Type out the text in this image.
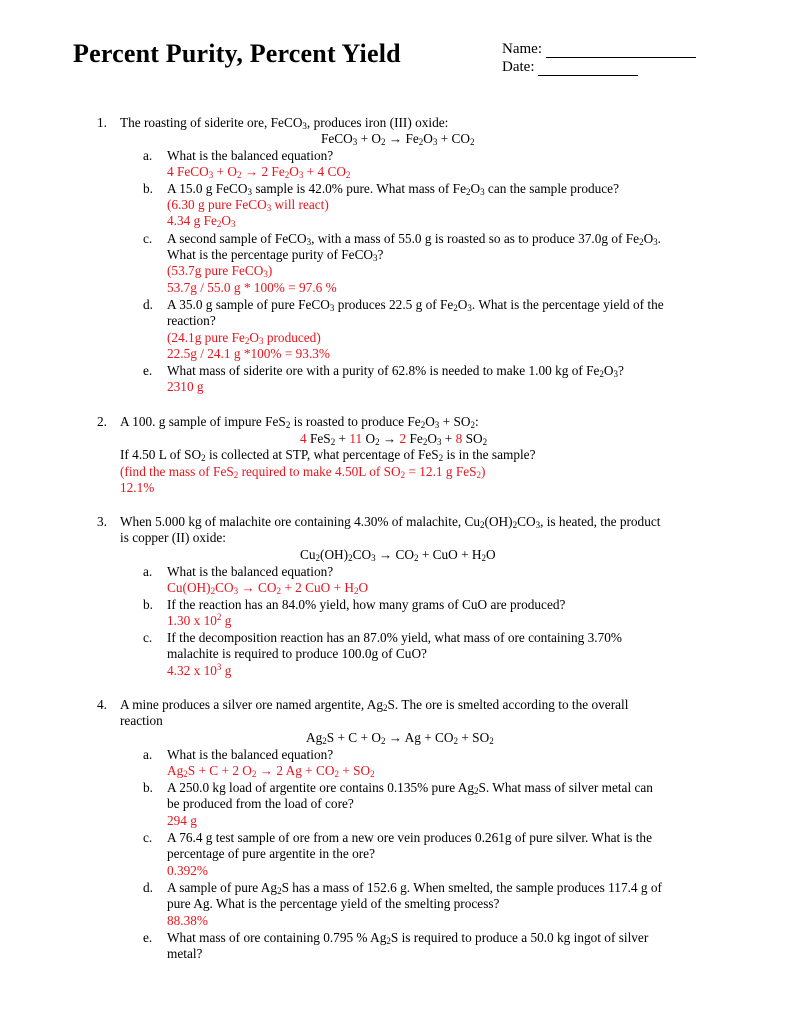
Percent Purity, Percent Yield	Name:
Date:

1. The roasting of siderite ore, FeCO$_3$, produces iron (III) oxide:

FeCO$_3$ + $O_2 \to Fe_2O_3 + CO_2$

a. What is the balanced equation?

4 FeCO$_3$ + $O_2 \to 2$ $Fe_2O_3 + 4$ $CO_2$

b. A 15.0 g FeCO$_3$ sample is 42.0% pure. What mass of $Fe_2O_3$ can the sample produce?

(6.30 g pure FeCO$_3$ will react)

4.34 g $Fe_2O_3$

c. A second sample of FeCO$_3$, with a mass of 55.0 g is roasted so as to produce 37.0g of $Fe_2O_3$.

What is the percentage purity of FeCO$_3$?

(53.7g pure FeCO$_3$)

53.7g / 55.0 g * 100% = 97.6 %

d. A 35.0 g sample of pure FeCO$_3$ produces 22.5 g of $Fe_2O_3$. What is the percentage yield of the

reaction?

(24.1g pure $Fe_2O_3$ produced)

22.5g / 24.1 g *100% = 93.3%

e. What mass of siderite ore with a purity of 62.8% is needed to make 1.00 kg of $Fe_2O_3$?

2310 g

2. A 100. g sample of impure FeS$_2$ is roasted to produce $Fe_2O_3 + SO_2$:

4 FeS$_2$ + 11 $O_2 \to 2$ $Fe_2O_3 + 8$ $SO_2$

If 4.50 L of $SO_2$ is collected at STP, what percentage of FeS$_2$ is in the sample?

(find the mass of FeS$_2$ required to make 4.50L of $SO_2 = 12.1$ g FeS$_2$)

12.1%

3. When 5.000 kg of malachite ore containing 4.30% of malachite, $Cu_2(OH)_2CO_3$, is heated, the product

is copper (II) oxide:

$Cu_2(OH)_2CO_3 \to CO_2$ + CuO + $H_2O$

a. What is the balanced equation?

$Cu(OH)_2CO_3 \to CO_2 + 2$ CuO + $H_2O$

b. If the reaction has an 84.0% yield, how many grams of CuO are produced?

1.30 x $10^2$ g

c. If the decomposition reaction has an 87.0% yield, what mass of ore containing 3.70%

malachite is required to produce 100.0g of CuO?

4.32 x $10^3$ g

4. A mine produces a silver ore named argentite, $Ag_2S$. The ore is smelted according to the overall

reaction

$Ag_2S + C + O_2 \to Ag + CO_2 + SO_2$

a. What is the balanced equation?

$Ag_2S + C + 2$ $O_2 \to 2$ $Ag + CO_2 + SO_2$

b. A 250.0 kg load of argentite ore contains 0.135% pure $Ag_2S$. What mass of silver metal can

be produced from the load of core?

294 g

c. A 76.4 g test sample of ore from a new ore vein produces 0.261g of pure silver. What is the

percentage of pure argentite in the ore?

0.392%

d. A sample of pure $Ag_2S$ has a mass of 152.6 g. When smelted, the sample produces 117.4 g of

pure Ag. What is the percentage yield of the smelting process?

88.38%

e. What mass of ore containing 0.795 % $Ag_2S$ is required to produce a 50.0 kg ingot of silver

metal?
